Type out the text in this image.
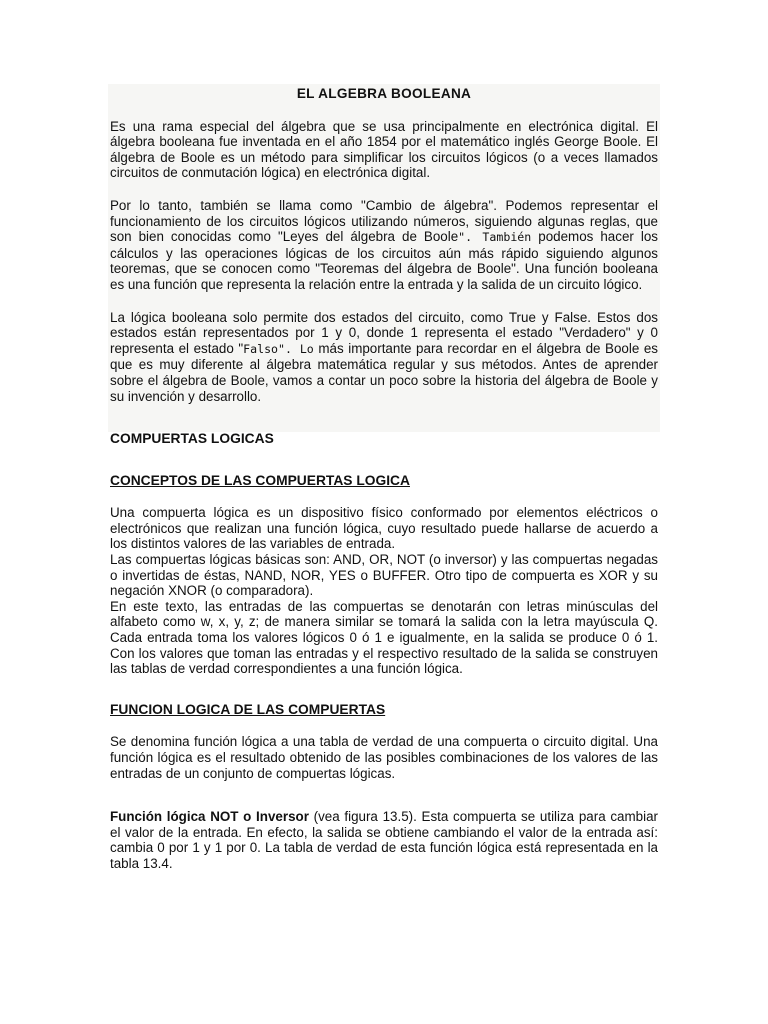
EL ALGEBRA BOOLEANA

Es una rama especial del álgebra que se usa principalmente en electrónica digital. El álgebra booleana fue inventada en el año 1854 por el matemático inglés George Boole. El álgebra de Boole es un método para simplificar los circuitos lógicos (o a veces llamados circuitos de conmutación lógica) en electrónica digital.

Por lo tanto, también se llama como "Cambio de álgebra". Podemos representar el funcionamiento de los circuitos lógicos utilizando números, siguiendo algunas reglas, que son bien conocidas como "Leyes del álgebra de Boole". También podemos hacer los cálculos y las operaciones lógicas de los circuitos aún más rápido siguiendo algunos teoremas, que se conocen como "Teoremas del álgebra de Boole". Una función booleana es una función que representa la relación entre la entrada y la salida de un circuito lógico.

La lógica booleana solo permite dos estados del circuito, como True y False. Estos dos estados están representados por 1 y 0, donde 1 representa el estado "Verdadero" y 0 representa el estado "Falso". Lo más importante para recordar en el álgebra de Boole es que es muy diferente al álgebra matemática regular y sus métodos. Antes de aprender sobre el álgebra de Boole, vamos a contar un poco sobre la historia del álgebra de Boole y su invención y desarrollo.

COMPUERTAS LOGICAS
CONCEPTOS DE LAS COMPUERTAS LOGICA

Una compuerta lógica es un dispositivo físico conformado por elementos eléctricos o electrónicos que realizan una función lógica, cuyo resultado puede hallarse de acuerdo a los distintos valores de las variables de entrada.

Las compuertas lógicas básicas son: AND, OR, NOT (o inversor) y las compuertas negadas o invertidas de éstas, NAND, NOR, YES o BUFFER. Otro tipo de compuerta es XOR y su negación XNOR (o comparadora).

En este texto, las entradas de las compuertas se denotarán con letras minúsculas del alfabeto como w, x, y, z; de manera similar se tomará la salida con la letra mayúscula Q. Cada entrada toma los valores lógicos 0 ó 1 e igualmente, en la salida se produce 0 ó 1. Con los valores que toman las entradas y el respectivo resultado de la salida se construyen las tablas de verdad correspondientes a una función lógica.

FUNCION LOGICA DE LAS COMPUERTAS

Se denomina función lógica a una tabla de verdad de una compuerta o circuito digital. Una función lógica es el resultado obtenido de las posibles combinaciones de los valores de las entradas de un conjunto de compuertas lógicas.

Función lógica NOT o Inversor (vea figura 13.5). Esta compuerta se utiliza para cambiar el valor de la entrada. En efecto, la salida se obtiene cambiando el valor de la entrada así: cambia 0 por 1 y 1 por 0. La tabla de verdad de esta función lógica está representada en la tabla 13.4.
